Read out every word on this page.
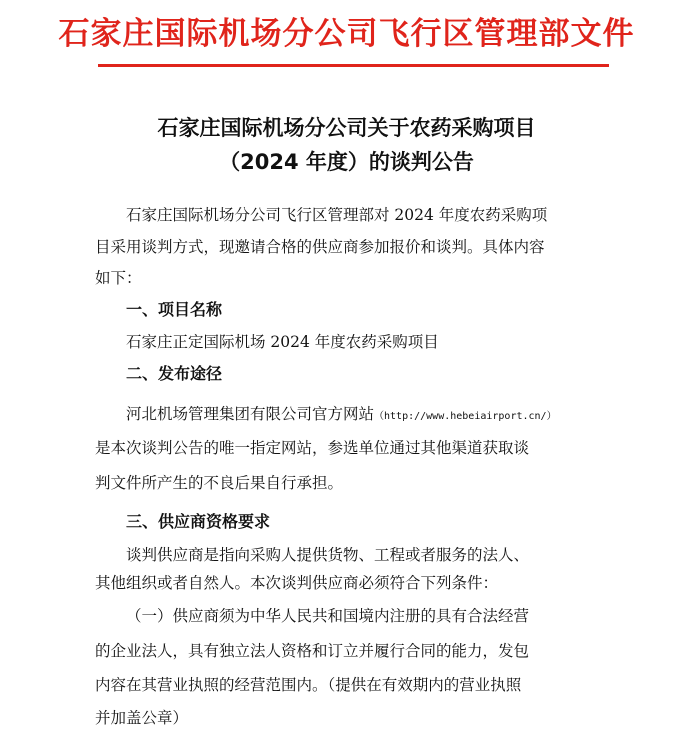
石家庄国际机场分公司飞行区管理部文件
石家庄国际机场分公司关于农药采购项目
（2024 年度）的谈判公告
石家庄国际机场分公司飞行区管理部对 2024 年度农药采购项
目采用谈判方式，现邀请合格的供应商参加报价和谈判。具体内容
如下：
一、项目名称
石家庄正定国际机场 2024 年度农药采购项目
二、发布途径
河北机场管理集团有限公司官方网站（http://www.hebeiairport.cn/）
是本次谈判公告的唯一指定网站，参选单位通过其他渠道获取谈
判文件所产生的不良后果自行承担。
三、供应商资格要求
谈判供应商是指向采购人提供货物、工程或者服务的法人、
其他组织或者自然人。本次谈判供应商必须符合下列条件：
（一）供应商须为中华人民共和国境内注册的具有合法经营
的企业法人，具有独立法人资格和订立并履行合同的能力，发包
内容在其营业执照的经营范围内。（提供在有效期内的营业执照
并加盖公章）
